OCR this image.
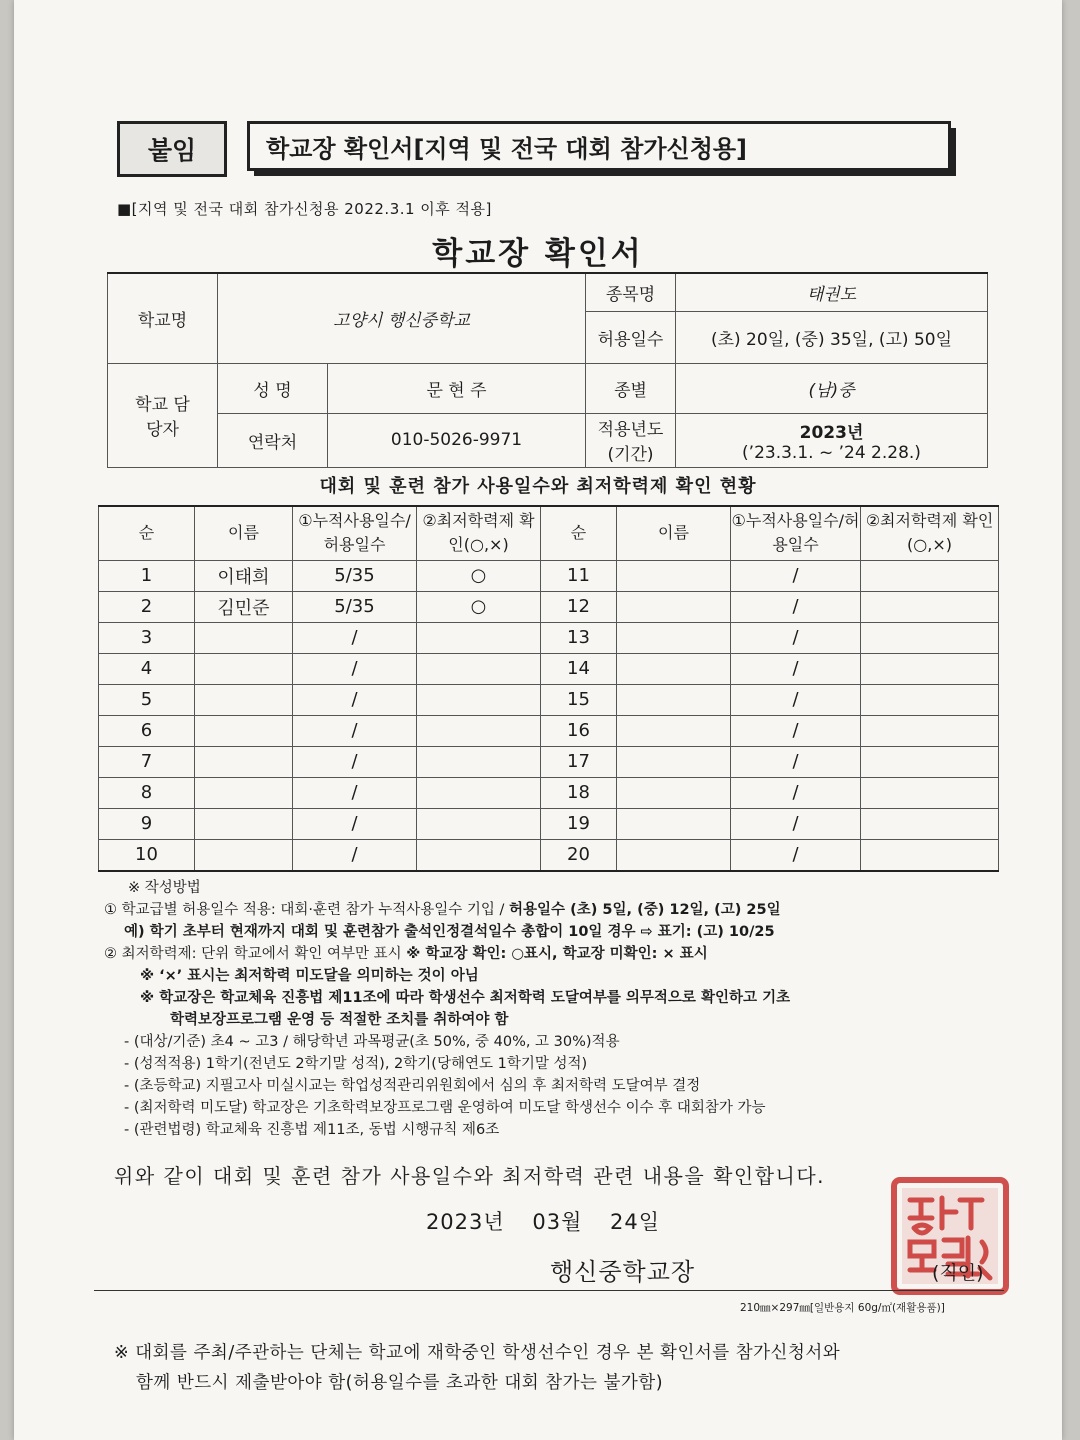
붙임	학교장 확인서[지역 및 전국 대회 참가신청용]
■[지역 및 전국 대회 참가신청용 2022.3.1 이후 적용]
학교장 확인서
학교명	고양시 행신중학교		종목명	태권도
			허용일수	(초) 20일, (중) 35일, (고) 50일
학교 담당자	성 명	문 현 주	종별	(남)중
	연락처	010-5026-9971	적용년도 (기간)	2023년
(’23.3.1. ~ ’24 2.28.)
대회 및 훈련 참가 사용일수와 최저학력제 확인 현황
순	이름	①누적사용일수/허용일수	②최저학력제 확인(○,×)	순	이름	①누적사용일수/허용일수	②최저학력제 확인(○,×)
1	이태희	5/35	○	11		/	
2	김민준	5/35	○	12		/	
3		/		13		/	
4		/		14		/	
5		/		15		/	
6		/		16		/	
7		/		17		/	
8		/		18		/	
9		/		19		/	
10		/		20		/	
※ 작성방법
① 학교급별 허용일수 적용: 대회·훈련 참가 누적사용일수 기입 / 허용일수 (초) 5일, (중) 12일, (고) 25일
예) 학기 초부터 현재까지 대회 및 훈련참가 출석인정결석일수 총합이 10일 경우 ⇨ 표기: (고) 10/25
② 최저학력제: 단위 학교에서 확인 여부만 표시 ※ 학교장 확인: ○표시, 학교장 미확인: × 표시
※ ‘×’ 표시는 최저학력 미도달을 의미하는 것이 아님
※ 학교장은 학교체육 진흥법 제11조에 따라 학생선수 최저학력 도달여부를 의무적으로 확인하고 기초
학력보장프로그램 운영 등 적절한 조치를 취하여야 함
- (대상/기준) 초4 ~ 고3 / 해당학년 과목평균(초 50%, 중 40%, 고 30%)적용
- (성적적용) 1학기(전년도 2학기말 성적), 2학기(당해연도 1학기말 성적)
- (초등학교) 지필고사 미실시교는 학업성적관리위원회에서 심의 후 최저학력 도달여부 결정
- (최저학력 미도달) 학교장은 기초학력보장프로그램 운영하여 미도달 학생선수 이수 후 대회참가 가능
- (관련법령) 학교체육 진흥법 제11조, 동법 시행규칙 제6조
위와 같이 대회 및 훈련 참가 사용일수와 최저학력 관련 내용을 확인합니다.
2023년 03월 24일
행신중학교장	(직인)
210㎜×297㎜[일반용지 60g/㎡(재활용품)]
※ 대회를 주최/주관하는 단체는 학교에 재학중인 학생선수인 경우 본 확인서를 참가신청서와
함께 반드시 제출받아야 함(허용일수를 초과한 대회 참가는 불가함)
